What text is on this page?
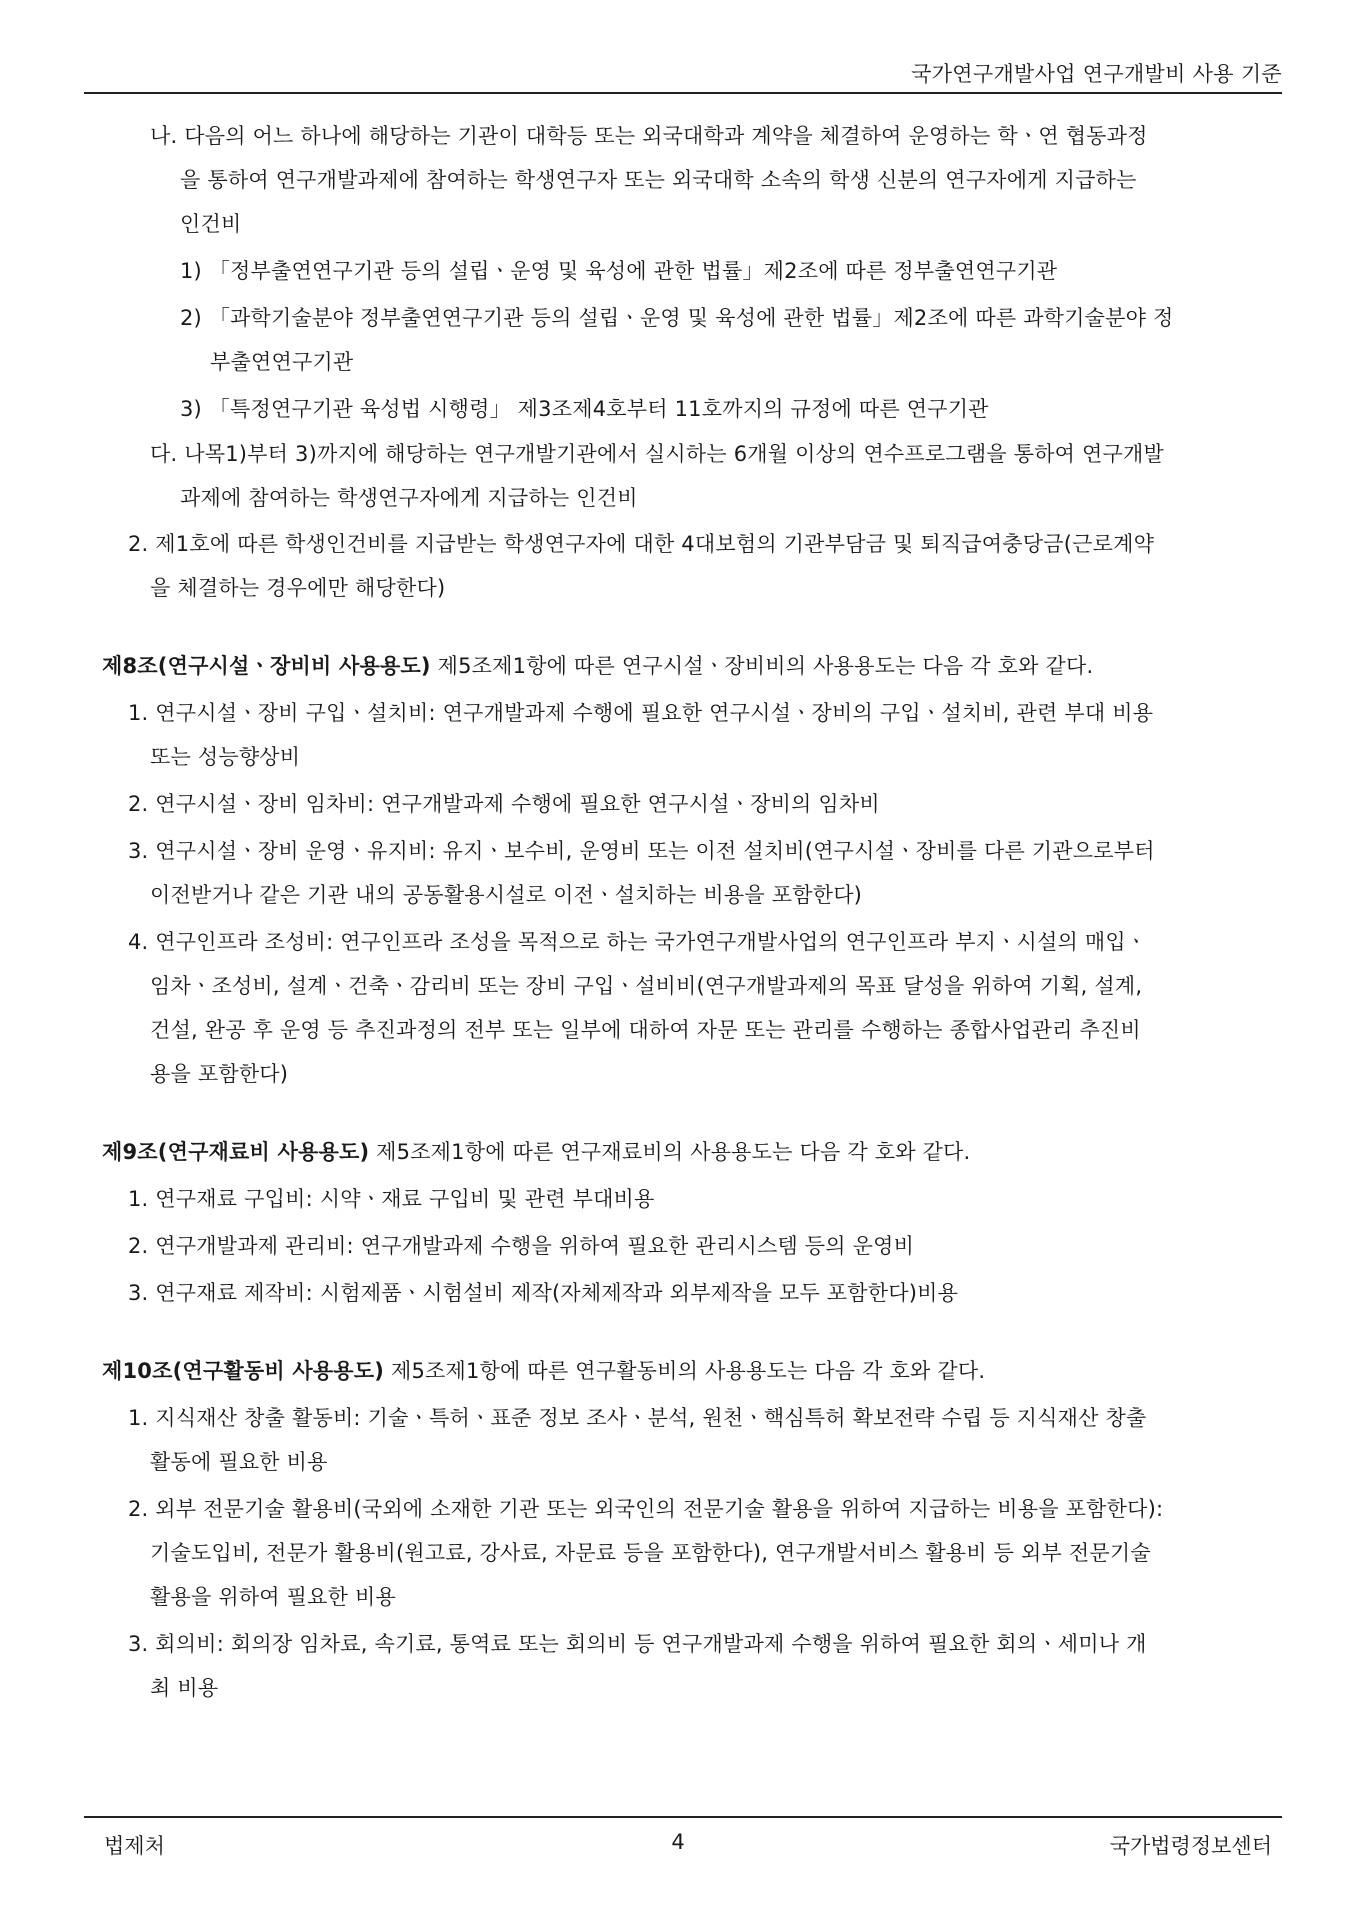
국가연구개발사업 연구개발비 사용 기준
나. 다음의 어느 하나에 해당하는 기관이 대학등 또는 외국대학과 계약을 체결하여 운영하는 학ㆍ연 협동과정
을 통하여 연구개발과제에 참여하는 학생연구자 또는 외국대학 소속의 학생 신분의 연구자에게 지급하는
인건비
1) 「정부출연연구기관 등의 설립ㆍ운영 및 육성에 관한 법률」제2조에 따른 정부출연연구기관
2) 「과학기술분야 정부출연연구기관 등의 설립ㆍ운영 및 육성에 관한 법률」제2조에 따른 과학기술분야 정
부출연연구기관
3) 「특정연구기관 육성법 시행령」 제3조제4호부터 11호까지의 규정에 따른 연구기관
다. 나목1)부터 3)까지에 해당하는 연구개발기관에서 실시하는 6개월 이상의 연수프로그램을 통하여 연구개발
과제에 참여하는 학생연구자에게 지급하는 인건비
2. 제1호에 따른 학생인건비를 지급받는 학생연구자에 대한 4대보험의 기관부담금 및 퇴직급여충당금(근로계약
을 체결하는 경우에만 해당한다)
제8조(연구시설ㆍ장비비 사용용도) 제5조제1항에 따른 연구시설ㆍ장비비의 사용용도는 다음 각 호와 같다.
1. 연구시설ㆍ장비 구입ㆍ설치비: 연구개발과제 수행에 필요한 연구시설ㆍ장비의 구입ㆍ설치비, 관련 부대 비용
또는 성능향상비
2. 연구시설ㆍ장비 임차비: 연구개발과제 수행에 필요한 연구시설ㆍ장비의 임차비
3. 연구시설ㆍ장비 운영ㆍ유지비: 유지ㆍ보수비, 운영비 또는 이전 설치비(연구시설ㆍ장비를 다른 기관으로부터
이전받거나 같은 기관 내의 공동활용시설로 이전ㆍ설치하는 비용을 포함한다)
4. 연구인프라 조성비: 연구인프라 조성을 목적으로 하는 국가연구개발사업의 연구인프라 부지ㆍ시설의 매입ㆍ
임차ㆍ조성비, 설계ㆍ건축ㆍ감리비 또는 장비 구입ㆍ설비비(연구개발과제의 목표 달성을 위하여 기획, 설계,
건설, 완공 후 운영 등 추진과정의 전부 또는 일부에 대하여 자문 또는 관리를 수행하는 종합사업관리 추진비
용을 포함한다)
제9조(연구재료비 사용용도) 제5조제1항에 따른 연구재료비의 사용용도는 다음 각 호와 같다.
1. 연구재료 구입비: 시약ㆍ재료 구입비 및 관련 부대비용
2. 연구개발과제 관리비: 연구개발과제 수행을 위하여 필요한 관리시스템 등의 운영비
3. 연구재료 제작비: 시험제품ㆍ시험설비 제작(자체제작과 외부제작을 모두 포함한다)비용
제10조(연구활동비 사용용도) 제5조제1항에 따른 연구활동비의 사용용도는 다음 각 호와 같다.
1. 지식재산 창출 활동비: 기술ㆍ특허ㆍ표준 정보 조사ㆍ분석, 원천ㆍ핵심특허 확보전략 수립 등 지식재산 창출
활동에 필요한 비용
2. 외부 전문기술 활용비(국외에 소재한 기관 또는 외국인의 전문기술 활용을 위하여 지급하는 비용을 포함한다):
기술도입비, 전문가 활용비(원고료, 강사료, 자문료 등을 포함한다), 연구개발서비스 활용비 등 외부 전문기술
활용을 위하여 필요한 비용
3. 회의비: 회의장 임차료, 속기료, 통역료 또는 회의비 등 연구개발과제 수행을 위하여 필요한 회의ㆍ세미나 개
최 비용
법제처	4	국가법령정보센터
